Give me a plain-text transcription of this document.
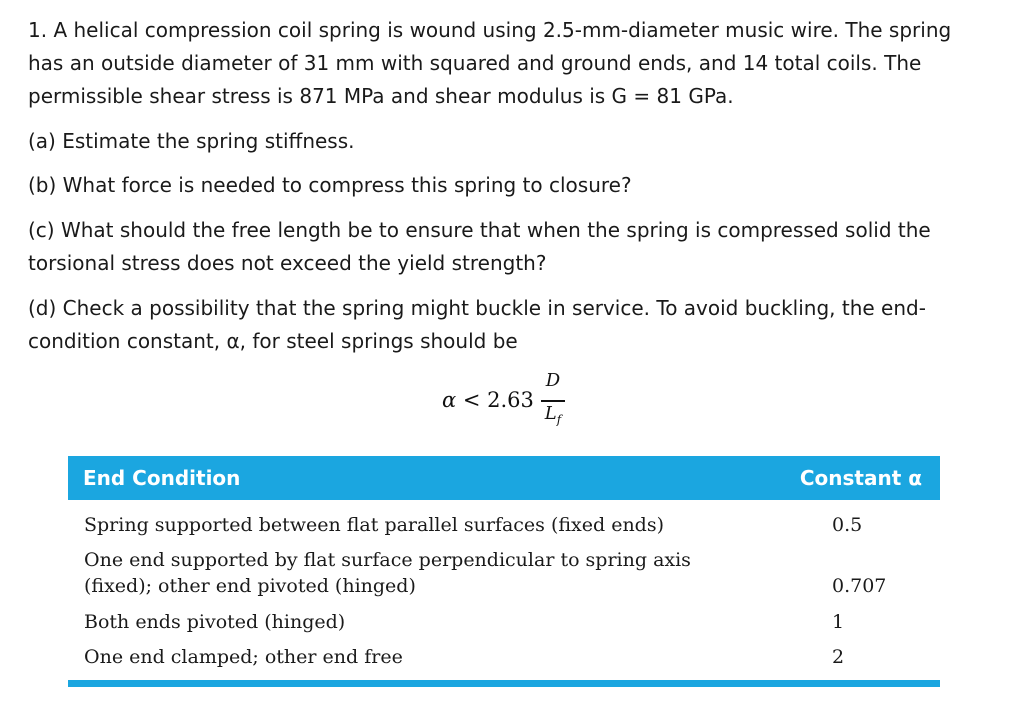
1. A helical compression coil spring is wound using 2.5-mm-diameter music wire. The spring has an outside diameter of 31 mm with squared and ground ends, and 14 total coils. The permissible shear stress is 871 MPa and shear modulus is G = 81 GPa.

(a) Estimate the spring stiffness.

(b) What force is needed to compress this spring to closure?

(c) What should the free length be to ensure that when the spring is compressed solid the torsional stress does not exceed the yield strength?

(d) Check a possibility that the spring might buckle in service. To avoid buckling, the end-condition constant, α, for steel springs should be

α < 2.63
D
$L_f$
End Condition	Constant α
Spring supported between flat parallel surfaces (fixed ends)	0.5
One end supported by flat surface perpendicular to spring axis (fixed); other end pivoted (hinged)	0.707
Both ends pivoted (hinged)	1
One end clamped; other end free	2
